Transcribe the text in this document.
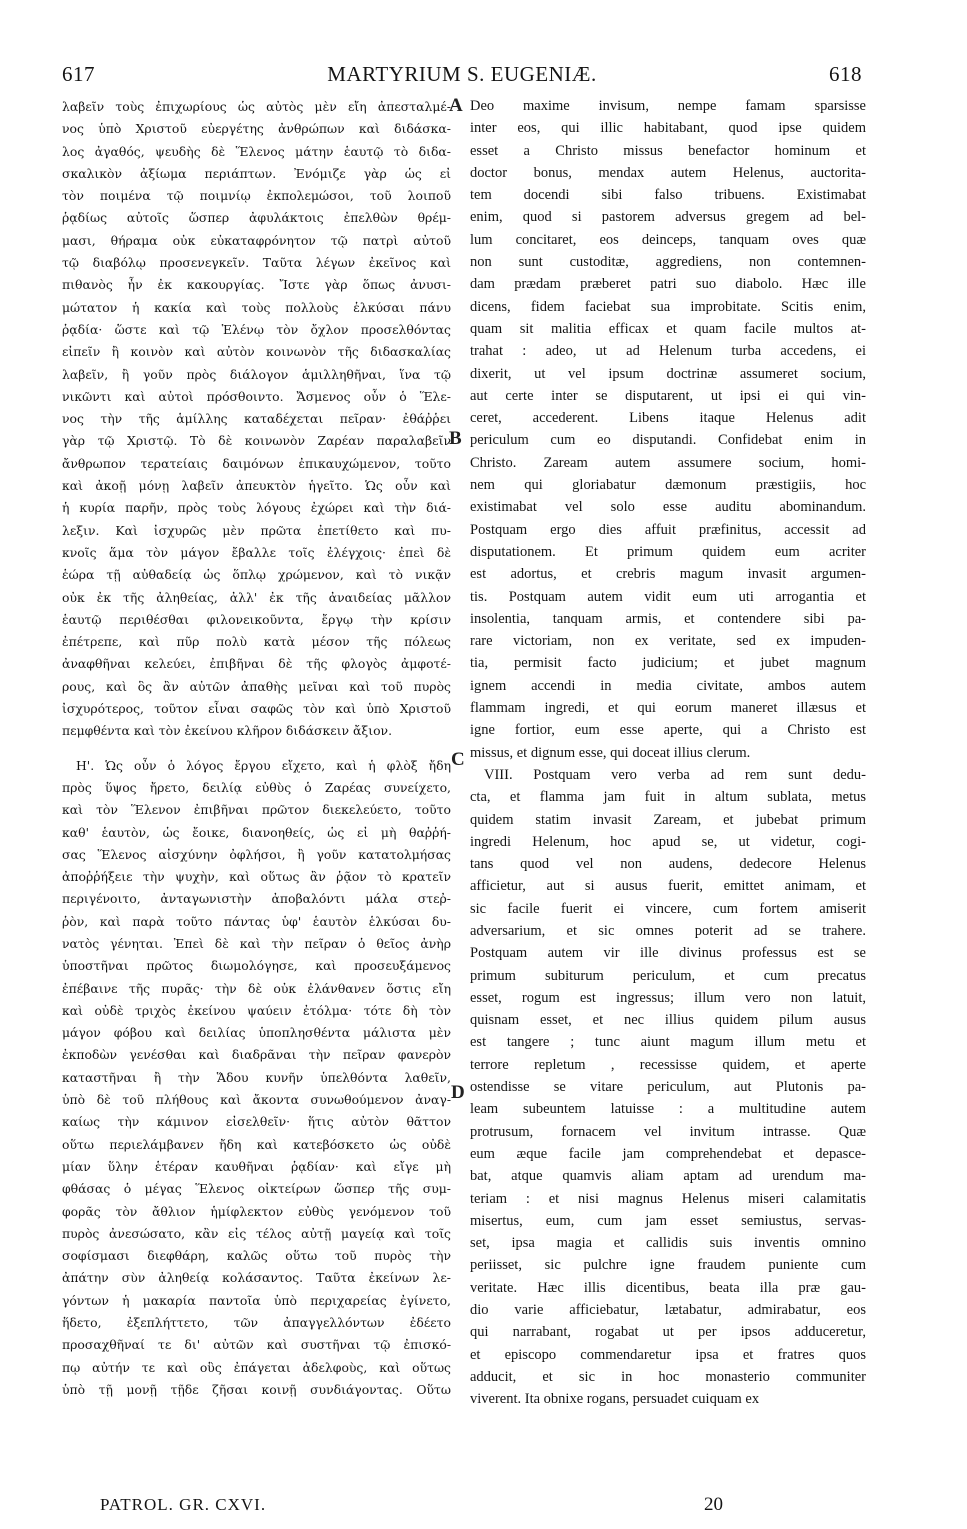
617	MARTYRIUM S. EUGENIÆ.	618
λαβεῖν τοὺς ἐπιχωρίους ὡς αὐτὸς μὲν εἴη ἀπεσταλμέ-
νος ὑπὸ Χριστοῦ εὐεργέτης ἀνθρώπων καὶ διδάσκα-
λος ἀγαθός, ψευδὴς δὲ Ἕλενος μάτην ἑαυτῷ τὸ διδα-
σκαλικὸν ἀξίωμα περιάπτων. Ἐνόμιζε γὰρ ὡς εἰ
τὸν ποιμένα τῷ ποιμνίῳ ἐκπολεμώσοι, τοῦ λοιποῦ
ῥᾳδίως αὐτοῖς ὥσπερ ἀφυλάκτοις ἐπελθὼν θρέμ-
μασι, θήραμα οὐκ εὐκαταφρόνητον τῷ πατρὶ αὐτοῦ
τῷ διαβόλῳ προσενεγκεῖν. Ταῦτα λέγων ἐκεῖνος καὶ
πιθανὸς ἦν ἐκ κακουργίας. Ἴστε γὰρ ὅπως ἀνυσι-
μώτατον ἡ κακία καὶ τοὺς πολλοὺς ἑλκύσαι πάνυ
ῥᾳδία· ὥστε καὶ τῷ Ἑλένῳ τὸν ὄχλον προσελθόντας
εἰπεῖν ἢ κοινὸν καὶ αὐτὸν κοινωνὸν τῆς διδασκαλίας
λαβεῖν, ἢ γοῦν πρὸς διάλογον ἁμιλληθῆναι, ἵνα τῷ
νικῶντι καὶ αὐτοὶ πρόσθοιντο. Ἄσμενος οὖν ὁ Ἕλε-
νος τὴν τῆς ἁμίλλης καταδέχεται πεῖραν· ἐθάῤῥει
γὰρ τῷ Χριστῷ. Τὸ δὲ κοινωνὸν Ζαρέαν παραλαβεῖν
ἄνθρωπον τερατείαις δαιμόνων ἐπικαυχώμενον, τοῦτο
καὶ ἀκοῇ μόνῃ λαβεῖν ἀπευκτὸν ἡγεῖτο. Ὡς οὖν καὶ
ἡ κυρία παρῆν, πρὸς τοὺς λόγους ἐχώρει καὶ τὴν διά-
λεξιν. Καὶ ἰσχυρῶς μὲν πρῶτα ἐπετίθετο καὶ πυ-
κνοῖς ἅμα τὸν μάγον ἔβαλλε τοῖς ἐλέγχοις· ἐπεὶ δὲ
ἑώρα τῇ αὐθαδείᾳ ὡς ὅπλῳ χρώμενον, καὶ τὸ νικᾷν
οὐκ ἐκ τῆς ἀληθείας, ἀλλ' ἐκ τῆς ἀναιδείας μᾶλλον
ἑαυτῷ περιθέσθαι φιλονεικοῦντα, ἔργῳ τὴν κρίσιν
ἐπέτρεπε, καὶ πῦρ πολὺ κατὰ μέσον τῆς πόλεως
ἀναφθῆναι κελεύει, ἐπιβῆναι δὲ τῆς φλογὸς ἀμφοτέ-
ρους, καὶ ὃς ἂν αὐτῶν ἀπαθὴς μεῖναι καὶ τοῦ πυρὸς
ἰσχυρότερος, τοῦτον εἶναι σαφῶς τὸν καὶ ὑπὸ Χριστοῦ
πεμφθέντα καὶ τὸν ἐκείνου κλῆρον διδάσκειν ἄξιον.
Η'. Ὡς οὖν ὁ λόγος ἔργου εἴχετο, καὶ ἡ φλὸξ ἤδη
πρὸς ὕψος ἤρετο, δειλίᾳ εὐθὺς ὁ Ζαρέας συνείχετο,
καὶ τὸν Ἕλενον ἐπιβῆναι πρῶτον διεκελεύετο, τοῦτο
καθ' ἑαυτὸν, ὡς ἔοικε, διανοηθείς, ὡς εἰ μὴ θαῤῥή-
σας Ἕλενος αἰσχύνην ὀφλήσοι, ἢ γοῦν κατατολμήσας
ἀποῤῥήξειε τὴν ψυχὴν, καὶ οὕτως ἂν ῥᾷον τὸ κρατεῖν
περιγένοιτο, ἀνταγωνιστὴν ἀποβαλόντι μάλα στεῤ-
ῥὸν, καὶ παρὰ τοῦτο πάντας ὑφ' ἑαυτὸν ἑλκύσαι δυ-
νατὸς γένηται. Ἐπεὶ δὲ καὶ τὴν πεῖραν ὁ θεῖος ἀνὴρ
ὑποστῆναι πρῶτος διωμολόγησε, καὶ προσευξάμενος
ἐπέβαινε τῆς πυρᾶς· τὴν δὲ οὐκ ἐλάνθανεν ὅστις εἴη
καὶ οὐδὲ τριχὸς ἐκείνου ψαύειν ἐτόλμα· τότε δὴ τὸν
μάγον φόβου καὶ δειλίας ὑποπλησθέντα μάλιστα μὲν
ἐκποδὼν γενέσθαι καὶ διαδρᾶναι τὴν πεῖραν φανερὸν
καταστῆναι ἢ τὴν Ἅδου κυνῆν ὑπελθόντα λαθεῖν,
ὑπὸ δὲ τοῦ πλήθους καὶ ἄκοντα συνωθούμενον ἀναγ-
καίως τὴν κάμινον εἰσελθεῖν· ἥτις αὐτὸν θᾶττον
οὕτω περιελάμβανεν ἤδη καὶ κατεβόσκετο ὡς οὐδὲ
μίαν ὕλην ἑτέραν καυθῆναι ῥᾳδίαν· καὶ εἴγε μὴ
φθάσας ὁ μέγας Ἕλενος οἰκτείρων ὥσπερ τῆς συμ-
φορᾶς τὸν ἄθλιον ἡμίφλεκτον εὐθὺς γενόμενον τοῦ
πυρὸς ἀνεσώσατο, κἂν εἰς τέλος αὐτῇ μαγείᾳ καὶ τοῖς
σοφίσμασι διεφθάρη, καλῶς οὕτω τοῦ πυρὸς τὴν
ἀπάτην σὺν ἀληθείᾳ κολάσαντος. Ταῦτα ἐκείνων λε-
γόντων ἡ μακαρία παντοῖα ὑπὸ περιχαρείας ἐγίνετο,
ἥδετο, ἐξεπλήττετο, τῶν ἀπαγγελλόντων ἐδέετο
προσαχθῆναί τε δι' αὐτῶν καὶ συστῆναι τῷ ἐπισκό-
πῳ αὐτήν τε καὶ οὓς ἐπάγεται ἀδελφοὺς, καὶ οὕτως
ὑπὸ τῇ μονῇ τῇδε ζῆσαι κοινῇ συνδιάγοντας. Οὕτω
Deo maxime invisum, nempe famam sparsisse
inter eos, qui illic habitabant, quod ipse quidem
esset a Christo missus benefactor hominum et
doctor bonus, mendax autem Helenus, auctorita-
tem docendi sibi falso tribuens. Existimabat
enim, quod si pastorem adversus gregem ad bel-
lum concitaret, eos deinceps, tanquam oves quæ
non sunt custoditæ, aggrediens, non contemnen-
dam prædam præberet patri suo diabolo. Hæc ille
dicens, fidem faciebat sua improbitate. Scitis enim,
quam sit malitia efficax et quam facile multos at-
trahat : adeo, ut ad Helenum turba accedens, ei
dixerit, ut vel ipsum doctrinæ assumeret socium,
aut certe inter se disputarent, ut ipsi ei qui vin-
ceret, accederent. Libens itaque Helenus adit
periculum cum eo disputandi. Confidebat enim in
Christo. Zaream autem assumere socium, homi-
nem qui gloriabatur dæmonum præstigiis, hoc
existimabat vel solo esse auditu abominandum.
Postquam ergo dies affuit præfinitus, accessit ad
disputationem. Et primum quidem eum acriter
est adortus, et crebris magum invasit argumen-
tis. Postquam autem vidit eum uti arrogantia et
insolentia, tanquam armis, et contendere sibi pa-
rare victoriam, non ex veritate, sed ex impuden-
tia, permisit facto judicium; et jubet magnum
ignem accendi in media civitate, ambos autem
flammam ingredi, et qui eorum maneret illæsus et
igne fortior, eum esse aperte, qui a Christo est
missus, et dignum esse, qui doceat illius clerum.
VIII. Postquam vero verba ad rem sunt dedu-
cta, et flamma jam fuit in altum sublata, metus
quidem statim invasit Zaream, et jubebat primum
ingredi Helenum, hoc apud se, ut videtur, cogi-
tans quod vel non audens, dedecore Helenus
afficietur, aut si ausus fuerit, emittet animam, et
sic facile fuerit ei vincere, cum fortem amiserit
adversarium, et sic omnes poterit ad se trahere.
Postquam autem vir ille divinus professus est se
primum subiturum periculum, et cum precatus
esset, rogum est ingressus; illum vero non latuit,
quisnam esset, et nec illius quidem pilum ausus
est tangere ; tunc aiunt magum illum metu et
terrore repletum , recessisse quidem, et aperte
ostendisse se vitare periculum, aut Plutonis pa-
leam subeuntem latuisse : a multitudine autem
protrusum, fornacem vel invitum intrasse. Quæ
eum æque facile jam comprehendebat et depasce-
bat, atque quamvis aliam aptam ad urendum ma-
teriam : et nisi magnus Helenus miseri calamitatis
misertus, eum, cum jam esset semiustus, servas-
set, ipsa magia et callidis suis inventis omnino
periisset, sic pulchre igne fraudem puniente cum
veritate. Hæc illis dicentibus, beata illa præ gau-
dio varie afficiebatur, lætabatur, admirabatur, eos
qui narrabant, rogabat ut per ipsos adduceretur,
et episcopo commendaretur ipsa et fratres quos
adducit, et sic in hoc monasterio communiter
viverent. Ita obnixe rogans, persuadet cuiquam ex
A
B
C
D
PATROL. GR. CXVI.	20
